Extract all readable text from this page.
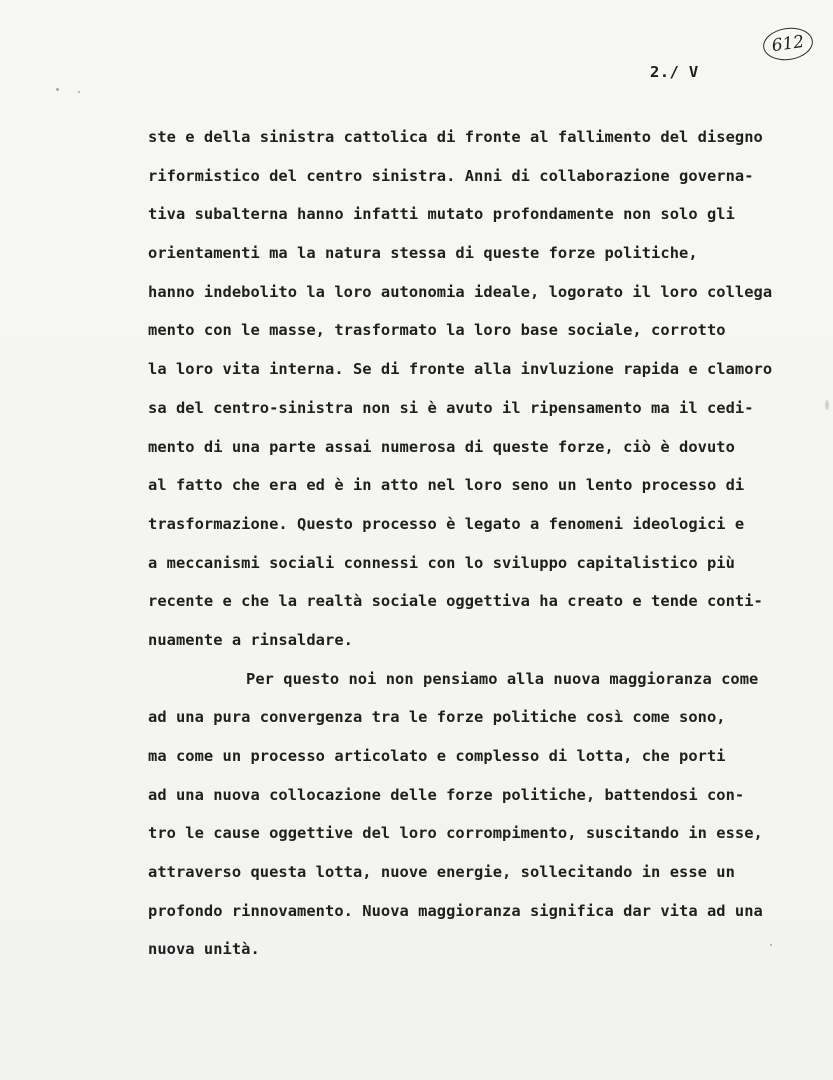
612
2./ V
ste e della sinistra cattolica di fronte al fallimento del disegno
riformistico del centro sinistra. Anni di collaborazione governa-
tiva subalterna hanno infatti mutato profondamente non solo gli
orientamenti ma la natura stessa di queste forze politiche,
hanno indebolito la loro autonomia ideale, logorato il loro collega
mento con le masse, trasformato la loro base sociale, corrotto
la loro vita interna. Se di fronte alla invluzione rapida e clamoro
sa del centro-sinistra non si è avuto il ripensamento ma il cedi-
mento di una parte assai numerosa di queste forze, ciò è dovuto
al fatto che era ed è in atto nel loro seno un lento processo di
trasformazione. Questo processo è legato a fenomeni ideologici e
a meccanismi sociali connessi con lo sviluppo capitalistico più
recente e che la realtà sociale oggettiva ha creato e tende conti-
nuamente a rinsaldare.
Per questo noi non pensiamo alla nuova maggioranza come
ad una pura convergenza tra le forze politiche così come sono,
ma come un processo articolato e complesso di lotta, che porti
ad una nuova collocazione delle forze politiche, battendosi con-
tro le cause oggettive del loro corrompimento, suscitando in esse,
attraverso questa lotta, nuove energie, sollecitando in esse un
profondo rinnovamento. Nuova maggioranza significa dar vita ad una
nuova unità.
